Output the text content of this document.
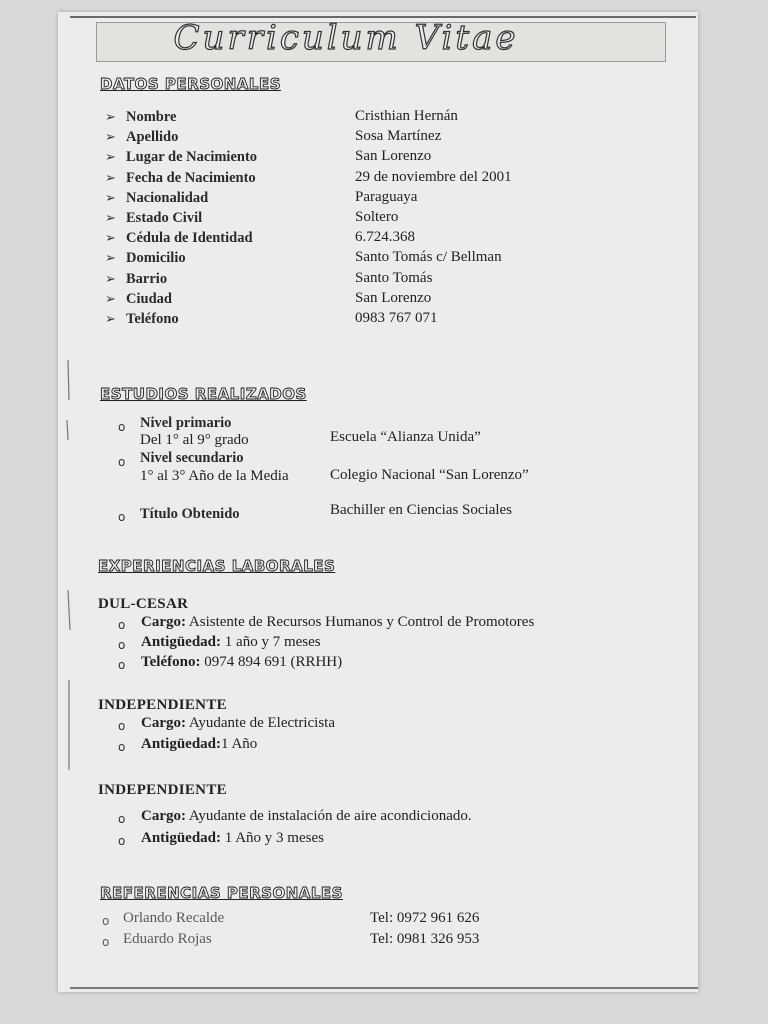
Curriculum Vitae
DATOS PERSONALES
➢ Nombre	Cristhian Hernán
➢ Apellido	Sosa Martínez
➢ Lugar de Nacimiento	San Lorenzo
➢ Fecha de Nacimiento	29 de noviembre del 2001
➢ Nacionalidad	Paraguaya
➢ Estado Civil	Soltero
➢ Cédula de Identidad	6.724.368
➢ Domicilio	Santo Tomás c/ Bellman
➢ Barrio	Santo Tomás
➢ Ciudad	San Lorenzo
➢ Teléfono	0983 767 071
ESTUDIOS REALIZADOS
o Nivel primario
Del 1° al 9° grado	Escuela “Alianza Unida”
o Nivel secundario
1° al 3° Año de la Media	Colegio Nacional “San Lorenzo”
o Título Obtenido	Bachiller en Ciencias Sociales
EXPERIENCIAS LABORALES
DUL-CESAR
o Cargo: Asistente de Recursos Humanos y Control de Promotores
o Antigüedad: 1 año y 7 meses
o Teléfono: 0974 894 691 (RRHH)
INDEPENDIENTE
o Cargo: Ayudante de Electricista
o Antigüedad:1 Año
INDEPENDIENTE
o Cargo: Ayudante de instalación de aire acondicionado.
o Antigüedad: 1 Año y 3 meses
REFERENCIAS PERSONALES
o Orlando Recalde	Tel: 0972 961 626
o Eduardo Rojas	Tel: 0981 326 953
